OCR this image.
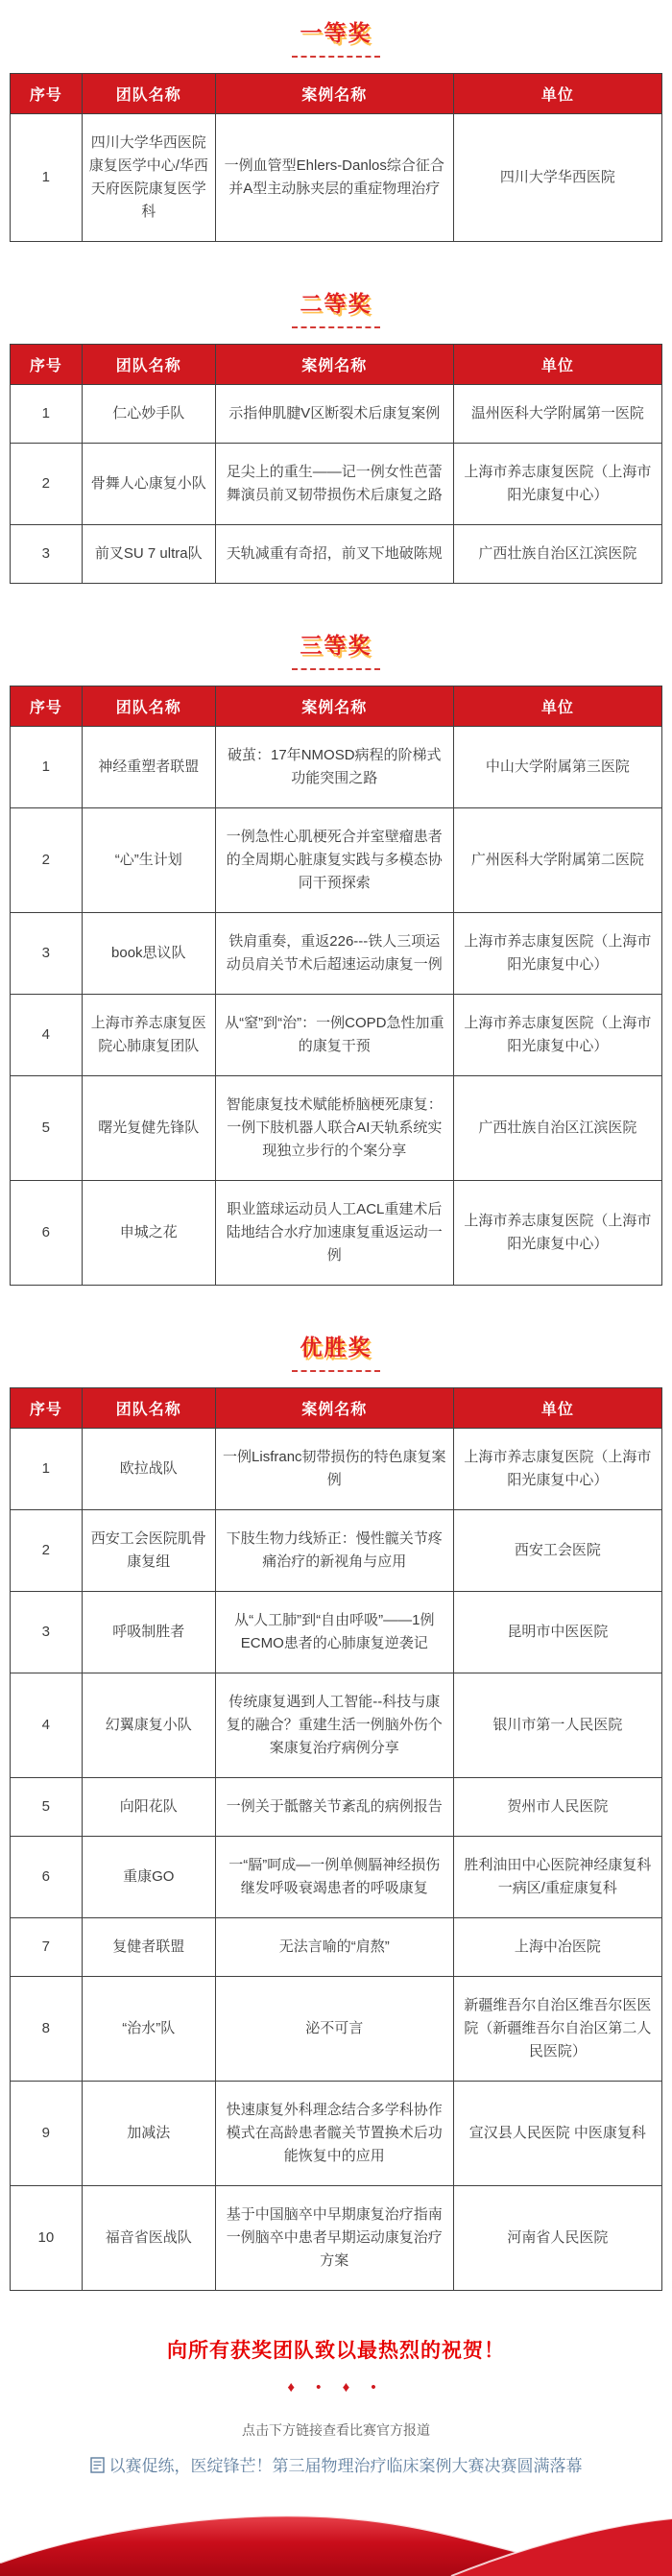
一等奖
序号	团队名称	案例名称	单位
1	四川大学华西医院康复医学中心/华西天府医院康复医学科	一例血管型Ehlers-Danlos综合征合并A型主动脉夹层的重症物理治疗	四川大学华西医院
二等奖
序号	团队名称	案例名称	单位
1	仁心妙手队	示指伸肌腱V区断裂术后康复案例	温州医科大学附属第一医院
2	骨舞人心康复小队	足尖上的重生——记一例女性芭蕾舞演员前叉韧带损伤术后康复之路	上海市养志康复医院（上海市阳光康复中心）
3	前叉SU 7 ultra队	天轨减重有奇招，前叉下地破陈规	广西壮族自治区江滨医院
三等奖
序号	团队名称	案例名称	单位
1	神经重塑者联盟	破茧：17年NMOSD病程的阶梯式功能突围之路	中山大学附属第三医院
2	“心”生计划	一例急性心肌梗死合并室壁瘤患者的全周期心脏康复实践与多模态协同干预探索	广州医科大学附属第二医院
3	book思议队	铁肩重奏，重返226---铁人三项运动员肩关节术后超速运动康复一例	上海市养志康复医院（上海市阳光康复中心）
4	上海市养志康复医院心肺康复团队	从“窒”到“治”：一例COPD急性加重的康复干预	上海市养志康复医院（上海市阳光康复中心）
5	曙光复健先锋队	智能康复技术赋能桥脑梗死康复：一例下肢机器人联合AI天轨系统实现独立步行的个案分享	广西壮族自治区江滨医院
6	申城之花	职业篮球运动员人工ACL重建术后陆地结合水疗加速康复重返运动一例	上海市养志康复医院（上海市阳光康复中心）
优胜奖
序号	团队名称	案例名称	单位
1	欧拉战队	一例Lisfranc韧带损伤的特色康复案例	上海市养志康复医院（上海市阳光康复中心）
2	西安工会医院肌骨康复组	下肢生物力线矫正：慢性髋关节疼痛治疗的新视角与应用	西安工会医院
3	呼吸制胜者	从“人工肺”到“自由呼吸”——1例ECMO患者的心肺康复逆袭记	昆明市中医医院
4	幻翼康复小队	传统康复遇到人工智能--科技与康复的融合？重建生活一例脑外伤个案康复治疗病例分享	银川市第一人民医院
5	向阳花队	一例关于骶髂关节紊乱的病例报告	贺州市人民医院
6	重康GO	一“膈”呵成—一例单侧膈神经损伤继发呼吸衰竭患者的呼吸康复	胜利油田中心医院神经康复科一病区/重症康复科
7	复健者联盟	无法言喻的“肩熬”	上海中冶医院
8	“治水”队	泌不可言	新疆维吾尔自治区维吾尔医医院（新疆维吾尔自治区第二人民医院）
9	加减法	快速康复外科理念结合多学科协作模式在高龄患者髋关节置换术后功能恢复中的应用	宣汉县人民医院 中医康复科
10	福音省医战队	基于中国脑卒中早期康复治疗指南 一例脑卒中患者早期运动康复治疗方案	河南省人民医院
向所有获奖团队致以最热烈的祝贺！
♦ • ♦ •
点击下方链接查看比赛官方报道
以赛促练，医绽锋芒！第三届物理治疗临床案例大赛决赛圆满落幕
